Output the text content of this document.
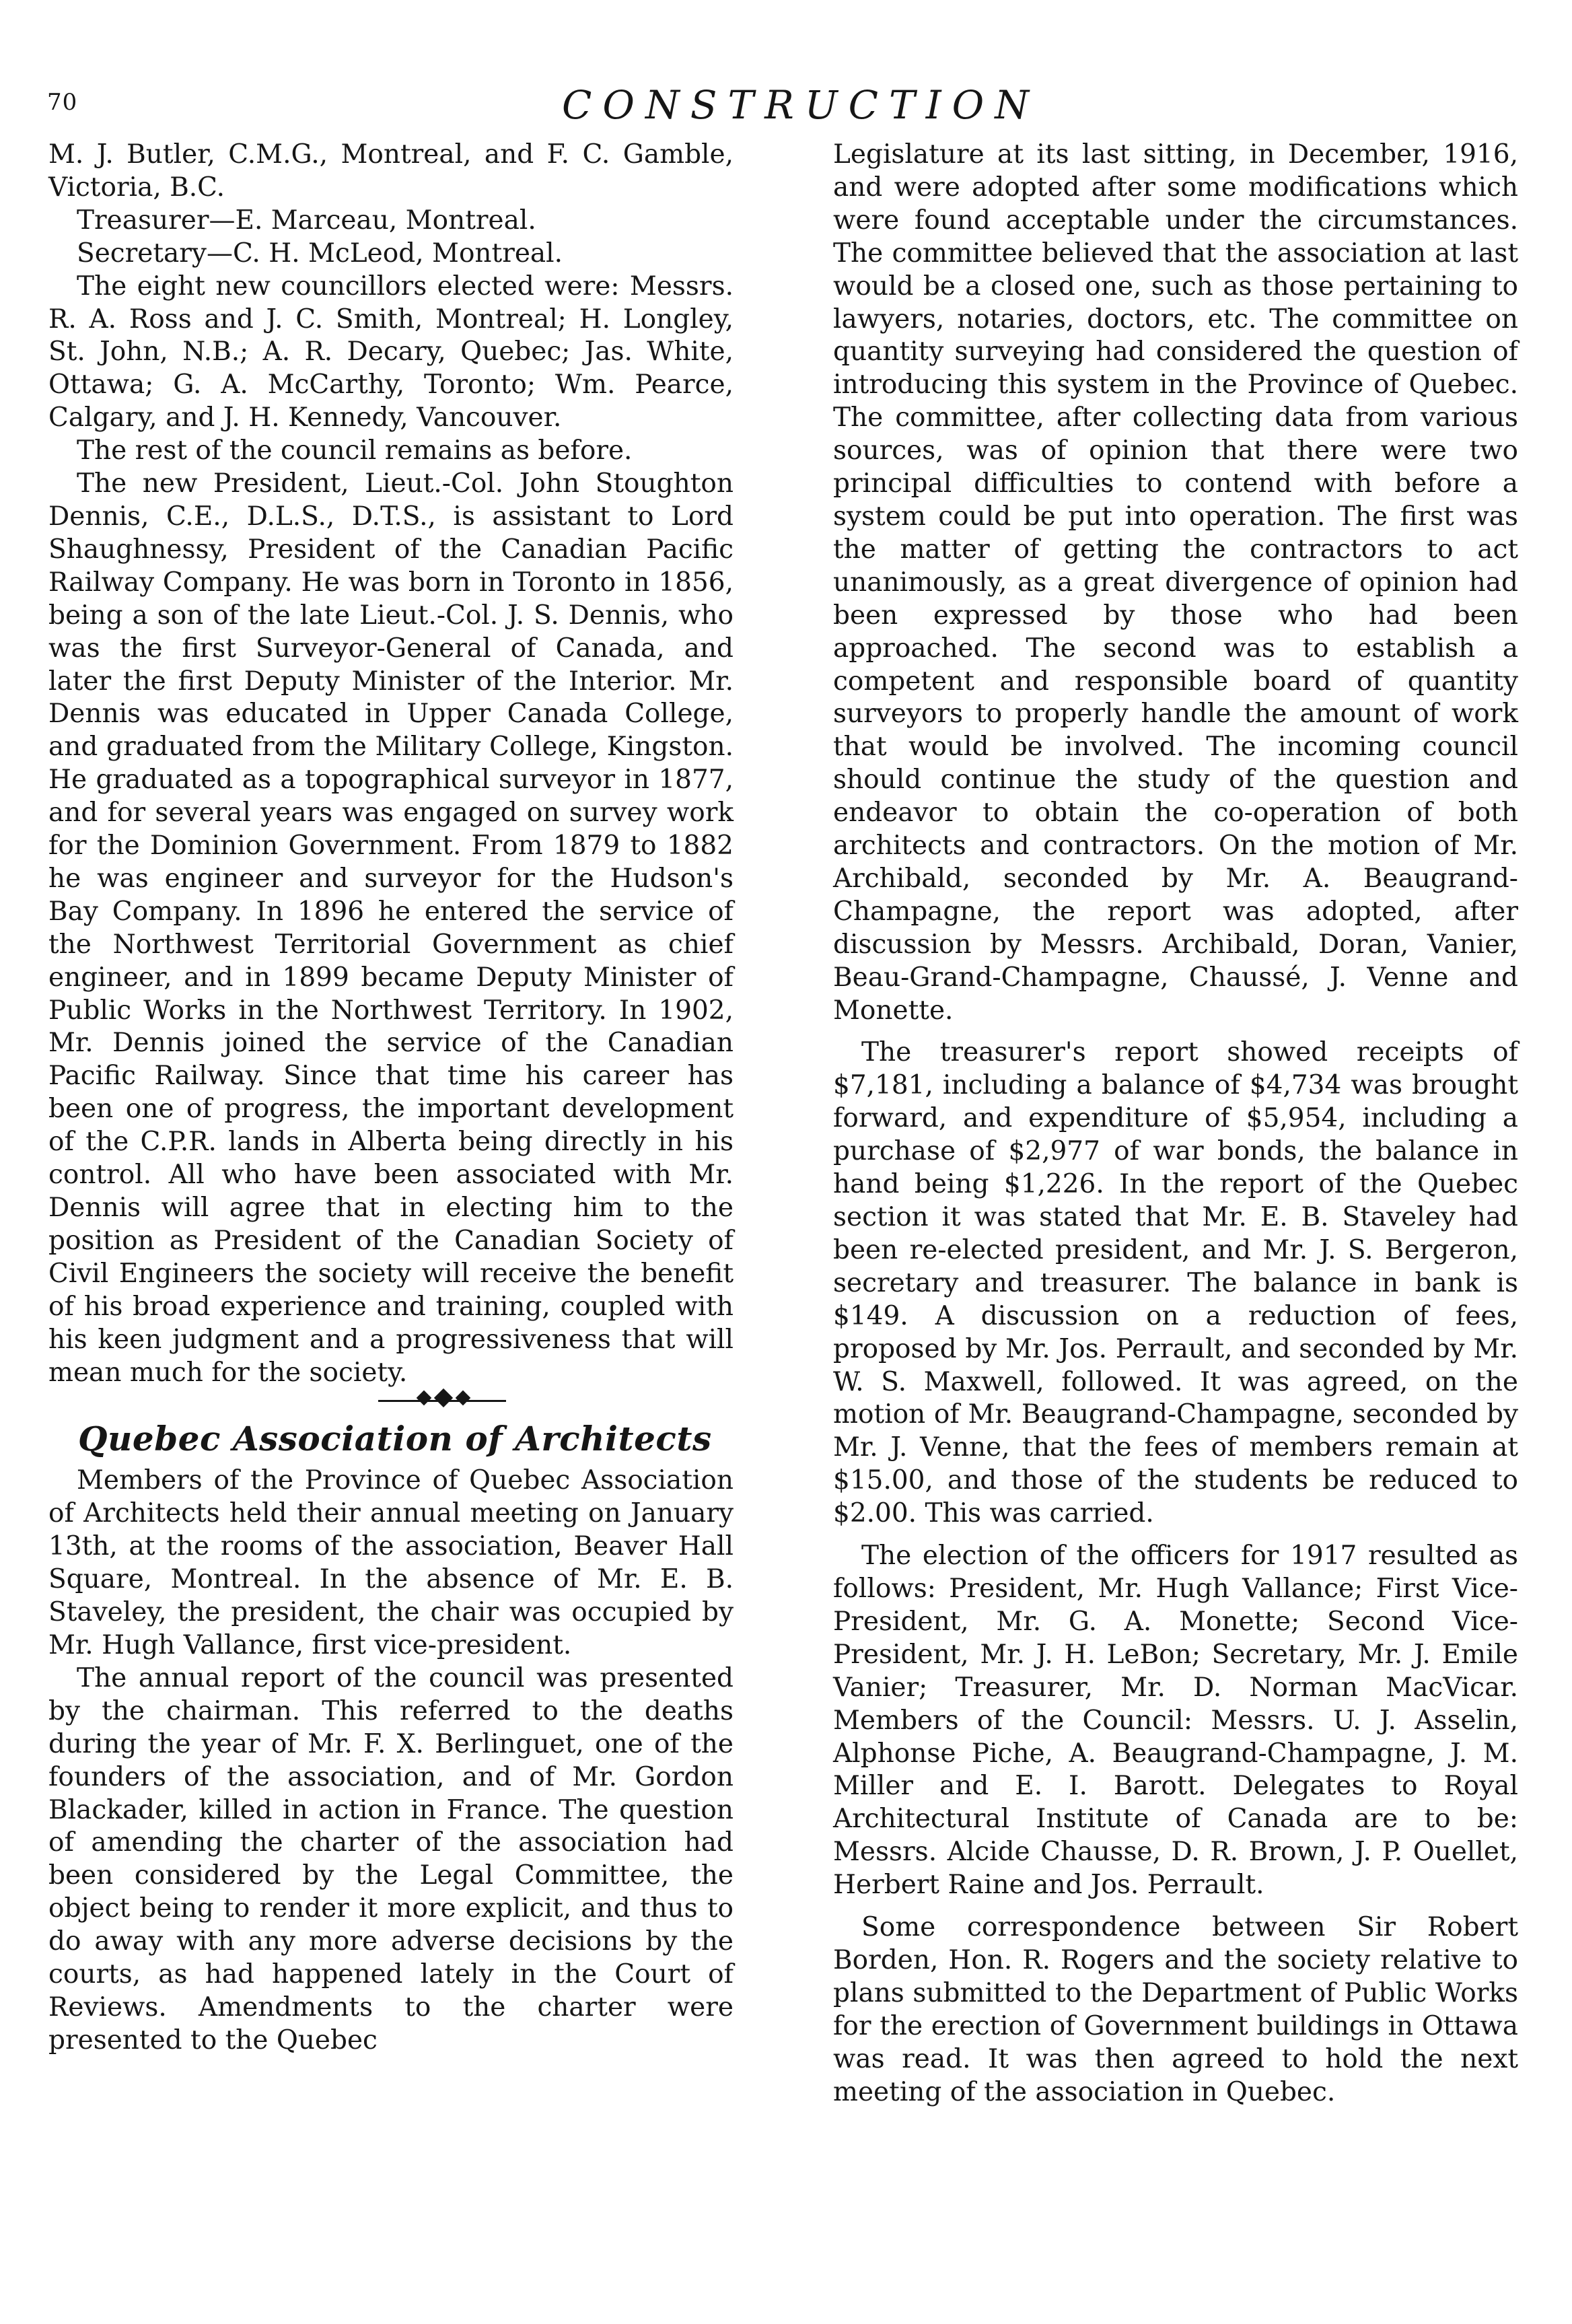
70	CONSTRUCTION

M. J. Butler, C.M.G., Montreal, and F. C. Gamble, Victoria, B.C.

Treasurer—E. Marceau, Montreal.

Secretary—C. H. McLeod, Montreal.

The eight new councillors elected were: Messrs. R. A. Ross and J. C. Smith, Montreal; H. Longley, St. John, N.B.; A. R. Decary, Quebec; Jas. White, Ottawa; G. A. McCarthy, Toronto; Wm. Pearce, Calgary, and J. H. Kennedy, Vancouver.

The rest of the council remains as before.

The new President, Lieut.-Col. John Stoughton Dennis, C.E., D.L.S., D.T.S., is assistant to Lord Shaughnessy, President of the Canadian Pacific Railway Company. He was born in Toronto in 1856, being a son of the late Lieut.-Col. J. S. Dennis, who was the first Surveyor-General of Canada, and later the first Deputy Minister of the Interior. Mr. Dennis was educated in Upper Canada College, and graduated from the Military College, Kingston. He graduated as a topographical surveyor in 1877, and for several years was engaged on survey work for the Dominion Government. From 1879 to 1882 he was engineer and surveyor for the Hudson's Bay Company. In 1896 he entered the service of the Northwest Territorial Government as chief engineer, and in 1899 became Deputy Minister of Public Works in the Northwest Territory. In 1902, Mr. Dennis joined the service of the Canadian Pacific Railway. Since that time his career has been one of progress, the important development of the C.P.R. lands in Alberta being directly in his control. All who have been associated with Mr. Dennis will agree that in electing him to the position as President of the Canadian Society of Civil Engineers the society will receive the benefit of his broad experience and training, coupled with his keen judgment and a progressiveness that will mean much for the society.

Quebec Association of Architects

Members of the Province of Quebec Association of Architects held their annual meeting on January 13th, at the rooms of the association, Beaver Hall Square, Montreal. In the absence of Mr. E. B. Staveley, the president, the chair was occupied by Mr. Hugh Vallance, first vice-president.

The annual report of the council was presented by the chairman. This referred to the deaths during the year of Mr. F. X. Berlinguet, one of the founders of the association, and of Mr. Gordon Blackader, killed in action in France. The question of amending the charter of the association had been considered by the Legal Committee, the object being to render it more explicit, and thus to do away with any more adverse decisions by the courts, as had happened lately in the Court of Reviews. Amendments to the charter were presented to the Quebec

Legislature at its last sitting, in December, 1916, and were adopted after some modifications which were found acceptable under the circumstances. The committee believed that the association at last would be a closed one, such as those pertaining to lawyers, notaries, doctors, etc. The committee on quantity surveying had considered the question of introducing this system in the Province of Quebec. The committee, after collecting data from various sources, was of opinion that there were two principal difficulties to contend with before a system could be put into operation. The first was the matter of getting the contractors to act unanimously, as a great divergence of opinion had been expressed by those who had been approached. The second was to establish a competent and responsible board of quantity surveyors to properly handle the amount of work that would be involved. The incoming council should continue the study of the question and endeavor to obtain the co-operation of both architects and contractors. On the motion of Mr. Archibald, seconded by Mr. A. Beaugrand-Champagne, the report was adopted, after discussion by Messrs. Archibald, Doran, Vanier, Beau-Grand-Champagne, Chaussé, J. Venne and Monette.

The treasurer's report showed receipts of $7,181, including a balance of $4,734 was brought forward, and expenditure of $5,954, including a purchase of $2,977 of war bonds, the balance in hand being $1,226. In the report of the Quebec section it was stated that Mr. E. B. Staveley had been re-elected president, and Mr. J. S. Bergeron, secretary and treasurer. The balance in bank is $149. A discussion on a reduction of fees, proposed by Mr. Jos. Perrault, and seconded by Mr. W. S. Maxwell, followed. It was agreed, on the motion of Mr. Beaugrand-Champagne, seconded by Mr. J. Venne, that the fees of members remain at $15.00, and those of the students be reduced to $2.00. This was carried.

The election of the officers for 1917 resulted as follows: President, Mr. Hugh Vallance; First Vice-President, Mr. G. A. Monette; Second Vice-President, Mr. J. H. LeBon; Secretary, Mr. J. Emile Vanier; Treasurer, Mr. D. Norman MacVicar. Members of the Council: Messrs. U. J. Asselin, Alphonse Piche, A. Beaugrand-Champagne, J. M. Miller and E. I. Barott. Delegates to Royal Architectural Institute of Canada are to be: Messrs. Alcide Chausse, D. R. Brown, J. P. Ouellet, Herbert Raine and Jos. Perrault.

Some correspondence between Sir Robert Borden, Hon. R. Rogers and the society relative to plans submitted to the Department of Public Works for the erection of Government buildings in Ottawa was read. It was then agreed to hold the next meeting of the association in Quebec.
